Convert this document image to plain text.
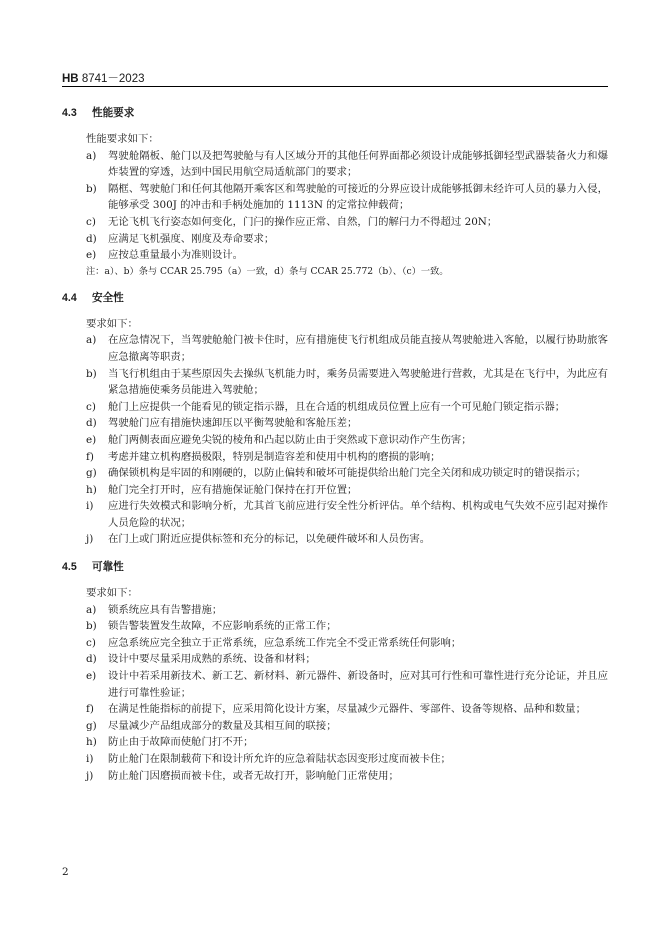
HB 8741－2023
4.3 性能要求
性能要求如下：
a)	驾驶舱隔板、舱门以及把驾驶舱与有人区域分开的其他任何界面都必须设计成能够抵御轻型武器装备火力和爆炸装置的穿透，达到中国民用航空局适航部门的要求；
b)	隔框、驾驶舱门和任何其他隔开乘客区和驾驶舱的可接近的分界应设计成能够抵御未经许可人员的暴力入侵，能够承受 300J 的冲击和手柄处施加的 1113N 的定常拉伸载荷；
c)	无论飞机飞行姿态如何变化，门闩的操作应正常、自然，门的解闩力不得超过 20N；
d)	应满足飞机强度、刚度及寿命要求；
e)	应按总重量最小为准则设计。
注：a）、b）条与 CCAR 25.795（a）一致，d）条与 CCAR 25.772（b）、（c）一致。
4.4 安全性
要求如下：
a)	在应急情况下，当驾驶舱舱门被卡住时，应有措施使飞行机组成员能直接从驾驶舱进入客舱，以履行协助旅客应急撤离等职责；
b)	当飞行机组由于某些原因失去操纵飞机能力时，乘务员需要进入驾驶舱进行营救，尤其是在飞行中，为此应有紧急措施使乘务员能进入驾驶舱；
c)	舱门上应提供一个能看见的锁定指示器，且在合适的机组成员位置上应有一个可见舱门锁定指示器；
d)	驾驶舱门应有措施快速卸压以平衡驾驶舱和客舱压差；
e)	舱门两侧表面应避免尖锐的棱角和凸起以防止由于突然或下意识动作产生伤害；
f)	考虑并建立机构磨损极限，特别是制造容差和使用中机构的磨损的影响；
g)	确保锁机构是牢固的和刚硬的，以防止偏转和破坏可能提供给出舱门完全关闭和成功锁定时的错误指示；
h)	舱门完全打开时，应有措施保证舱门保持在打开位置；
i)	应进行失效模式和影响分析，尤其首飞前应进行安全性分析评估。单个结构、机构或电气失效不应引起对操作人员危险的状况；
j)	在门上或门附近应提供标签和充分的标记，以免硬件破坏和人员伤害。
4.5 可靠性
要求如下：
a)	锁系统应具有告警措施；
b)	锁告警装置发生故障，不应影响系统的正常工作；
c)	应急系统应完全独立于正常系统，应急系统工作完全不受正常系统任何影响；
d)	设计中要尽量采用成熟的系统、设备和材料；
e)	设计中若采用新技术、新工艺、新材料、新元器件、新设备时，应对其可行性和可靠性进行充分论证，并且应进行可靠性验证；
f)	在满足性能指标的前提下，应采用简化设计方案，尽量减少元器件、零部件、设备等规格、品种和数量；
g)	尽量减少产品组成部分的数量及其相互间的联接；
h)	防止由于故障而使舱门打不开；
i)	防止舱门在限制载荷下和设计所允许的应急着陆状态因变形过度而被卡住；
j)	防止舱门因磨损而被卡住，或者无故打开，影响舱门正常使用；
2
